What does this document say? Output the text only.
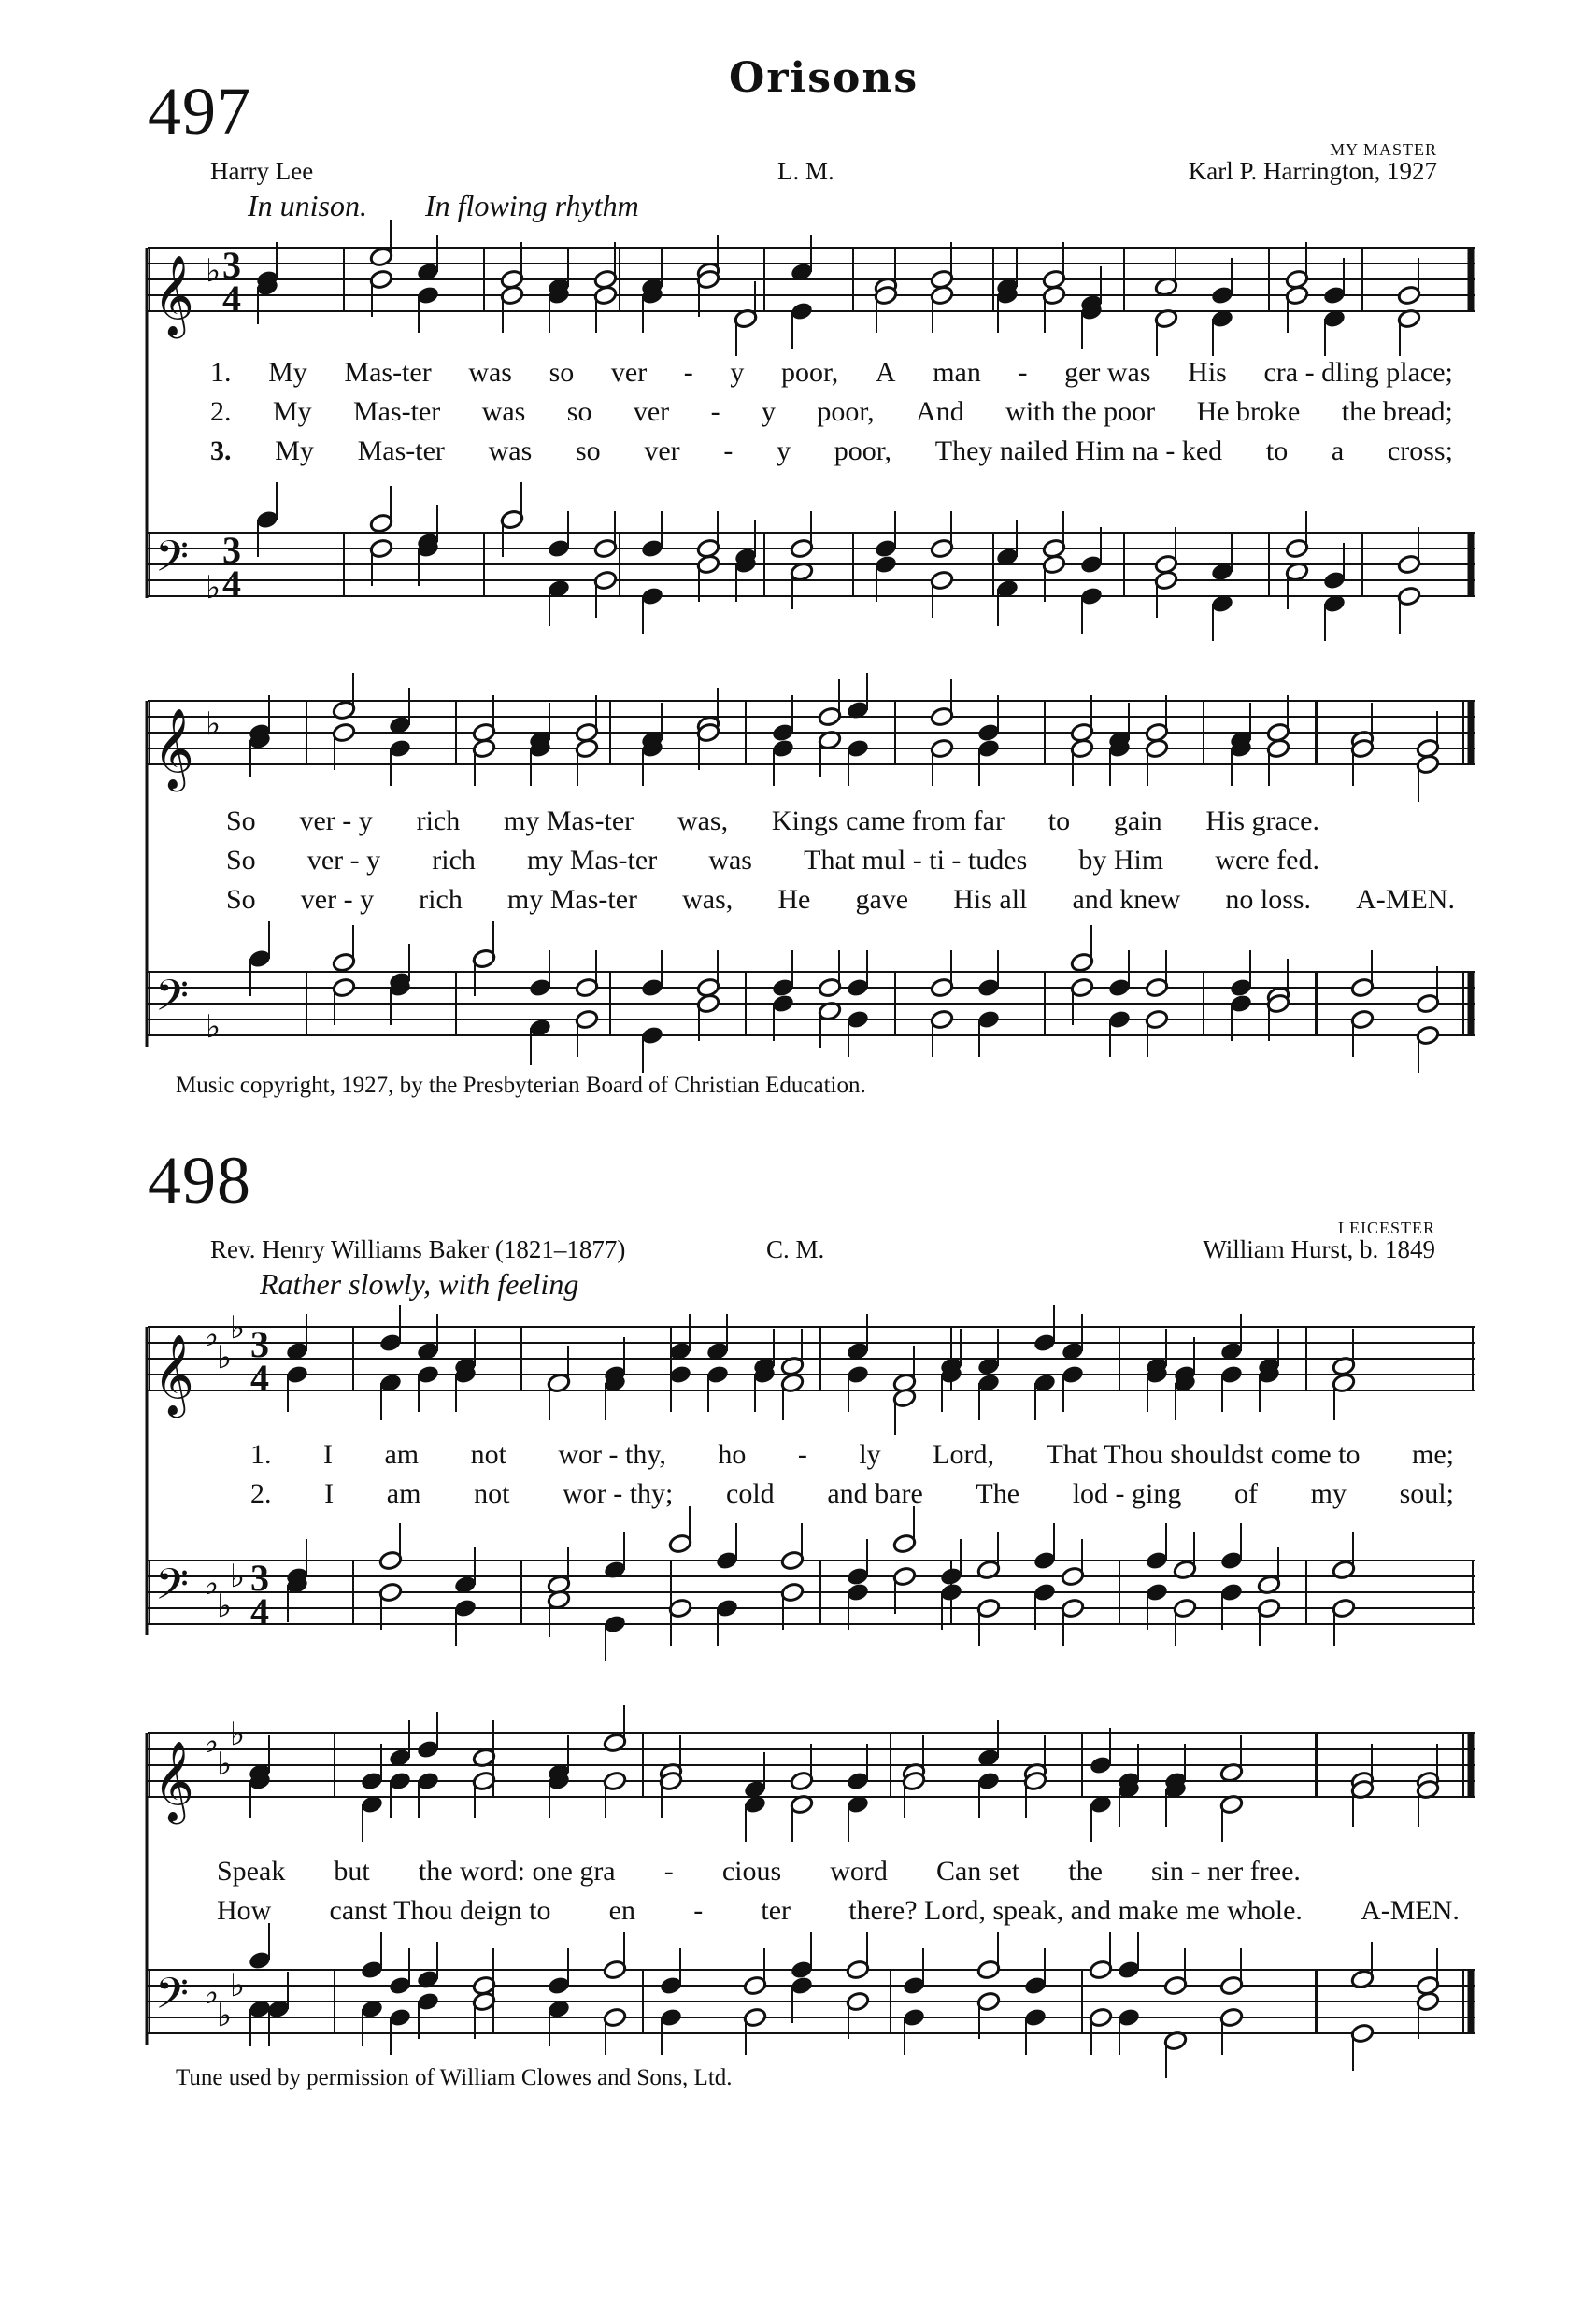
497	Orisons
Harry Lee	L. M.
MY MASTER
Karl P. Harrington, 1927
In unison. In flowing rhythm
𝄞 ♭ 3
4
1. My Mas-ter was so ver - y poor, A man - ger was His cra - dling place;
2. My Mas-ter was so ver - y poor, And with the poor He broke the bread;
3. My Mas-ter was so ver - y poor, They nailed Him na - ked to a cross;
𝄢 ♭
3
4
𝄞 ♭
So ver - y rich my Mas-ter was, Kings came from far to gain His grace.
So ver - y rich my Mas-ter was That mul - ti - tudes by Him were fed.
So ver - y rich my Mas-ter was, He gave His all and knew no loss. A-MEN.
𝄢 ♭
Music copyright, 1927, by the Presbyterian Board of Christian Education.
498
Rev. Henry Williams Baker (1821–1877)	C. M.
LEICESTER
William Hurst, b. 1849
Rather slowly, with feeling
𝄞 ♭
♭
♭ 3
4
1. I am not wor - thy, ho - ly Lord, That Thou shouldst come to me;
2. I am not wor - thy; cold and bare The lod - ging of my soul;
𝄢 ♭
♭
♭ 3
4
𝄞 ♭
♭
♭
Speak but the word: one gra - cious word Can set the sin - ner free.
How canst Thou deign to en - ter there? Lord, speak, and make me whole. A-MEN.
𝄢 ♭
♭
♭
Tune used by permission of William Clowes and Sons, Ltd.
